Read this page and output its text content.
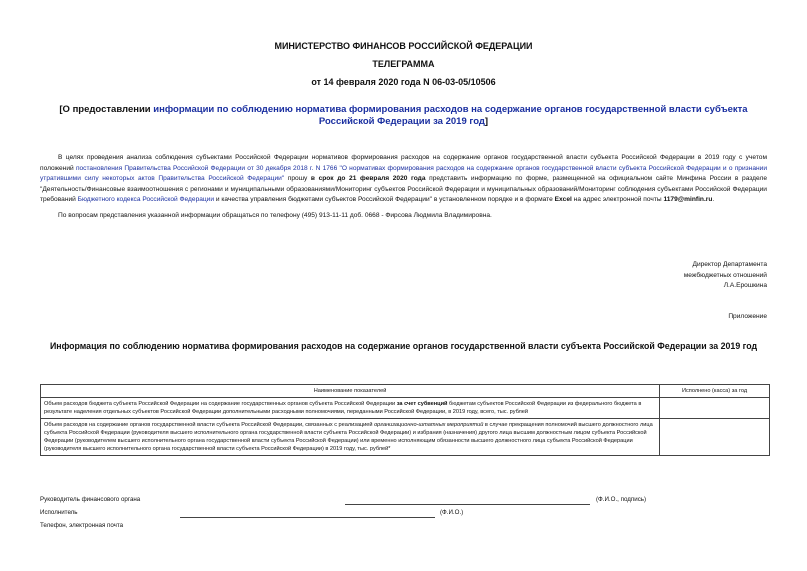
МИНИСТЕРСТВО ФИНАНСОВ РОССИЙСКОЙ ФЕДЕРАЦИИ
ТЕЛЕГРАММА
от 14 февраля 2020 года N 06-03-05/10506
[О предоставлении информации по соблюдению норматива формирования расходов на содержание органов государственной власти субъекта Российской Федерации за 2019 год]

В целях проведения анализа соблюдения субъектами Российской Федерации нормативов формирования расходов на содержание органов государственной власти субъекта Российской Федерации в 2019 году с учетом положений постановления Правительства Российской Федерации от 30 декабря 2018 г. N 1766 "О нормативах формирования расходов на содержание органов государственной власти субъекта Российской Федерации и о признании утратившими силу некоторых актов Правительства Российской Федерации" прошу в срок до 21 февраля 2020 года представить информацию по форме, размещенной на официальном сайте Минфина России в разделе "Деятельность/Финансовые взаимоотношения с регионами и муниципальными образованиями/Мониторинг субъектов Российской Федерации и муниципальных образований/Мониторинг соблюдения субъектами Российской Федерации требований Бюджетного кодекса Российской Федерации и качества управления бюджетами субъектов Российской Федерации" в установленном порядке и в формате Excel на адрес электронной почты 1179@minfin.ru.

По вопросам представления указанной информации обращаться по телефону (495) 913-11-11 доб. 0668 - Фирсова Людмила Владимировна.

Директор Департамента
межбюджетных отношений
Л.А.Ерошкина
Приложение
Информация по соблюдению норматива формирования расходов на содержание органов государственной власти субъекта Российской Федерации за 2019 год
Наименование показателей	Исполнено (касса) за год
Объем расходов бюджета субъекта Российской Федерации на содержание государственных органов субъекта Российской Федерации за счет субвенций бюджетам субъектов Российской Федерации из федерального бюджета в результате наделения отдельных субъектов Российской Федерации дополнительными расходными полномочиями, переданными Российской Федерации, в 2019 году, всего, тыс. рублей	
Объем расходов на содержание органов государственной власти субъекта Российской Федерации, связанных с реализацией организационно-штатных мероприятий в случае прекращения полномочий высшего должностного лица субъекта Российской Федерации (руководителя высшего исполнительного органа государственной власти субъекта Российской Федерации) и избрания (назначения) другого лица высшим должностным лицом субъекта Российской Федерации (руководителем высшего исполнительного органа государственной власти субъекта Российской Федерации) или временно исполняющим обязанности высшего должностного лица субъекта Российской Федерации (руководителя высшего исполнительного органа государственной власти субъекта Российской Федерации) в 2019 году, тыс. рублей*	
Руководитель финансового органа	(Ф.И.О., подпись)
Исполнитель	(Ф.И.О.)
Телефон, электронная почта
